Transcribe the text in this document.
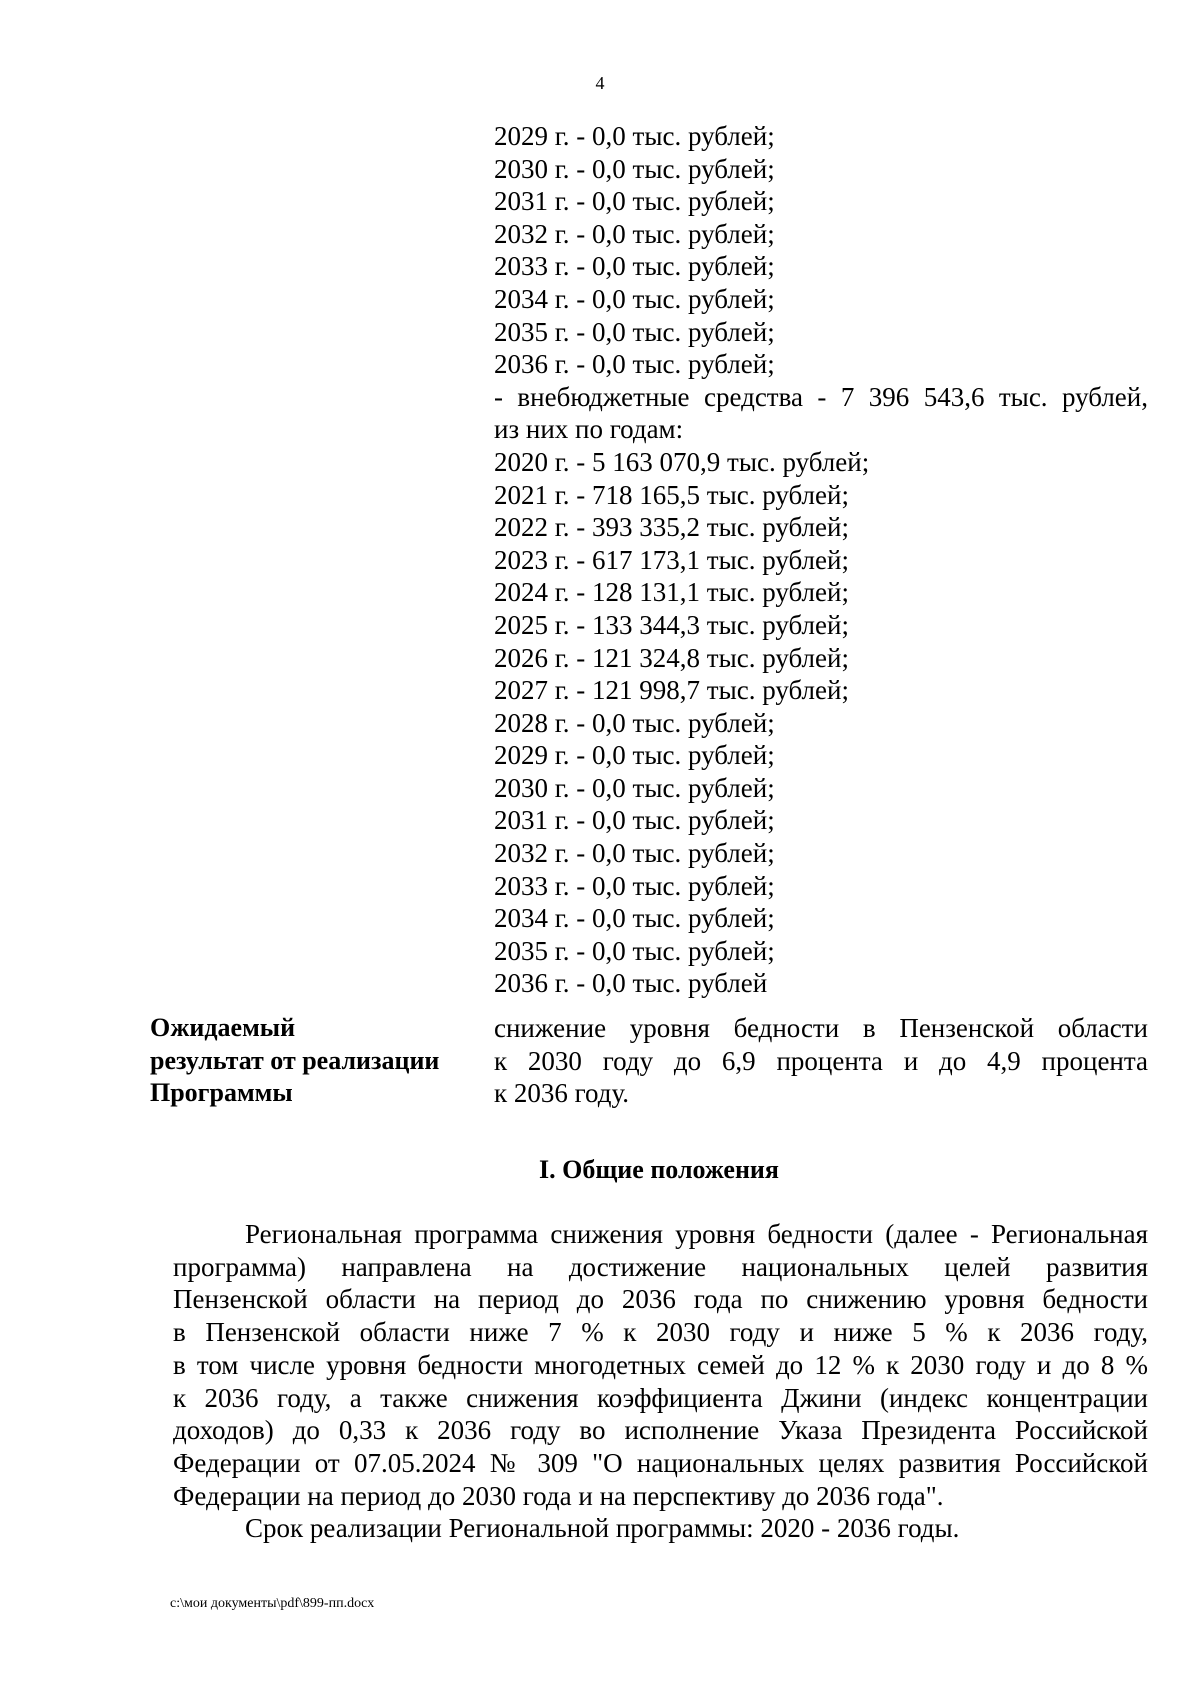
4
2029 г. - 0,0 тыс. рублей;
2030 г. - 0,0 тыс. рублей;
2031 г. - 0,0 тыс. рублей;
2032 г. - 0,0 тыс. рублей;
2033 г. - 0,0 тыс. рублей;
2034 г. - 0,0 тыс. рублей;
2035 г. - 0,0 тыс. рублей;
2036 г. - 0,0 тыс. рублей;
- внебюджетные средства - 7 396 543,6 тыс. рублей,
из них по годам:
2020 г. - 5 163 070,9 тыс. рублей;
2021 г. - 718 165,5 тыс. рублей;
2022 г. - 393 335,2 тыс. рублей;
2023 г. - 617 173,1 тыс. рублей;
2024 г. - 128 131,1 тыс. рублей;
2025 г. - 133 344,3 тыс. рублей;
2026 г. - 121 324,8 тыс. рублей;
2027 г. - 121 998,7 тыс. рублей;
2028 г. - 0,0 тыс. рублей;
2029 г. - 0,0 тыс. рублей;
2030 г. - 0,0 тыс. рублей;
2031 г. - 0,0 тыс. рублей;
2032 г. - 0,0 тыс. рублей;
2033 г. - 0,0 тыс. рублей;
2034 г. - 0,0 тыс. рублей;
2035 г. - 0,0 тыс. рублей;
2036 г. - 0,0 тыс. рублей
Ожидаемый
результат от реализации
Программы
снижение уровня бедности в Пензенской области
к 2030 году до 6,9 процента и до 4,9 процента
к 2036 году.
I. Общие положения
Региональная программа снижения уровня бедности (далее - Региональная
программа) направлена на достижение национальных целей развития
Пензенской области на период до 2036 года по снижению уровня бедности
в Пензенской области ниже 7 % к 2030 году и ниже 5 % к 2036 году,
в том числе уровня бедности многодетных семей до 12 % к 2030 году и до 8 %
к 2036 году, а также снижения коэффициента Джини (индекс концентрации
доходов) до 0,33 к 2036 году во исполнение Указа Президента Российской
Федерации от 07.05.2024 № 309 "О национальных целях развития Российской
Федерации на период до 2030 года и на перспективу до 2036 года".
Срок реализации Региональной программы: 2020 - 2036 годы.
c:\мои документы\pdf\899-пп.docx
